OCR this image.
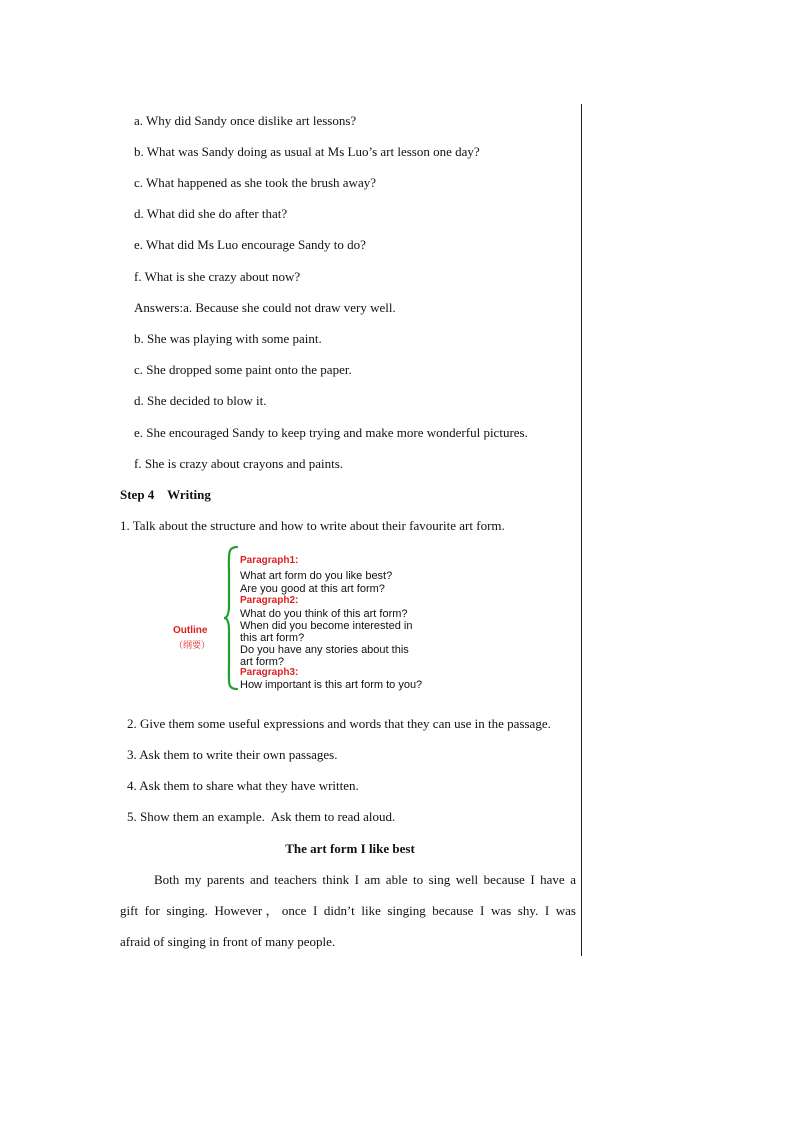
a. Why did Sandy once dislike art lessons?
b. What was Sandy doing as usual at Ms Luo’s art lesson one day?
c. What happened as she took the brush away?
d. What did she do after that?
e. What did Ms Luo encourage Sandy to do?
f. What is she crazy about now?
Answers:a. Because she could not draw very well.
b. She was playing with some paint.
c. She dropped some paint onto the paper.
d. She decided to blow it.
e. She encouraged Sandy to keep trying and make more wonderful pictures.
f. She is crazy about crayons and paints.
Step 4    Writing
1. Talk about the structure and how to write about their favourite art form.
Outline
（纲要）
Paragraph1:
What art form do you like best?
Are you good at this art form?
Paragraph2:
What do you think of this art form?
When did you become interested in
this art form?
Do you have any stories about this
art form?
Paragraph3:
How important is this art form to you?
2. Give them some useful expressions and words that they can use in the passage.
3. Ask them to write their own passages.
4. Ask them to share what they have written.
5. Show them an example.  Ask them to read aloud.
The art form I like best
Both my parents and teachers think I am able to sing well because I have a
gift for singing. However，once I didn’t like singing because I was shy. I was
afraid of singing in front of many people.
